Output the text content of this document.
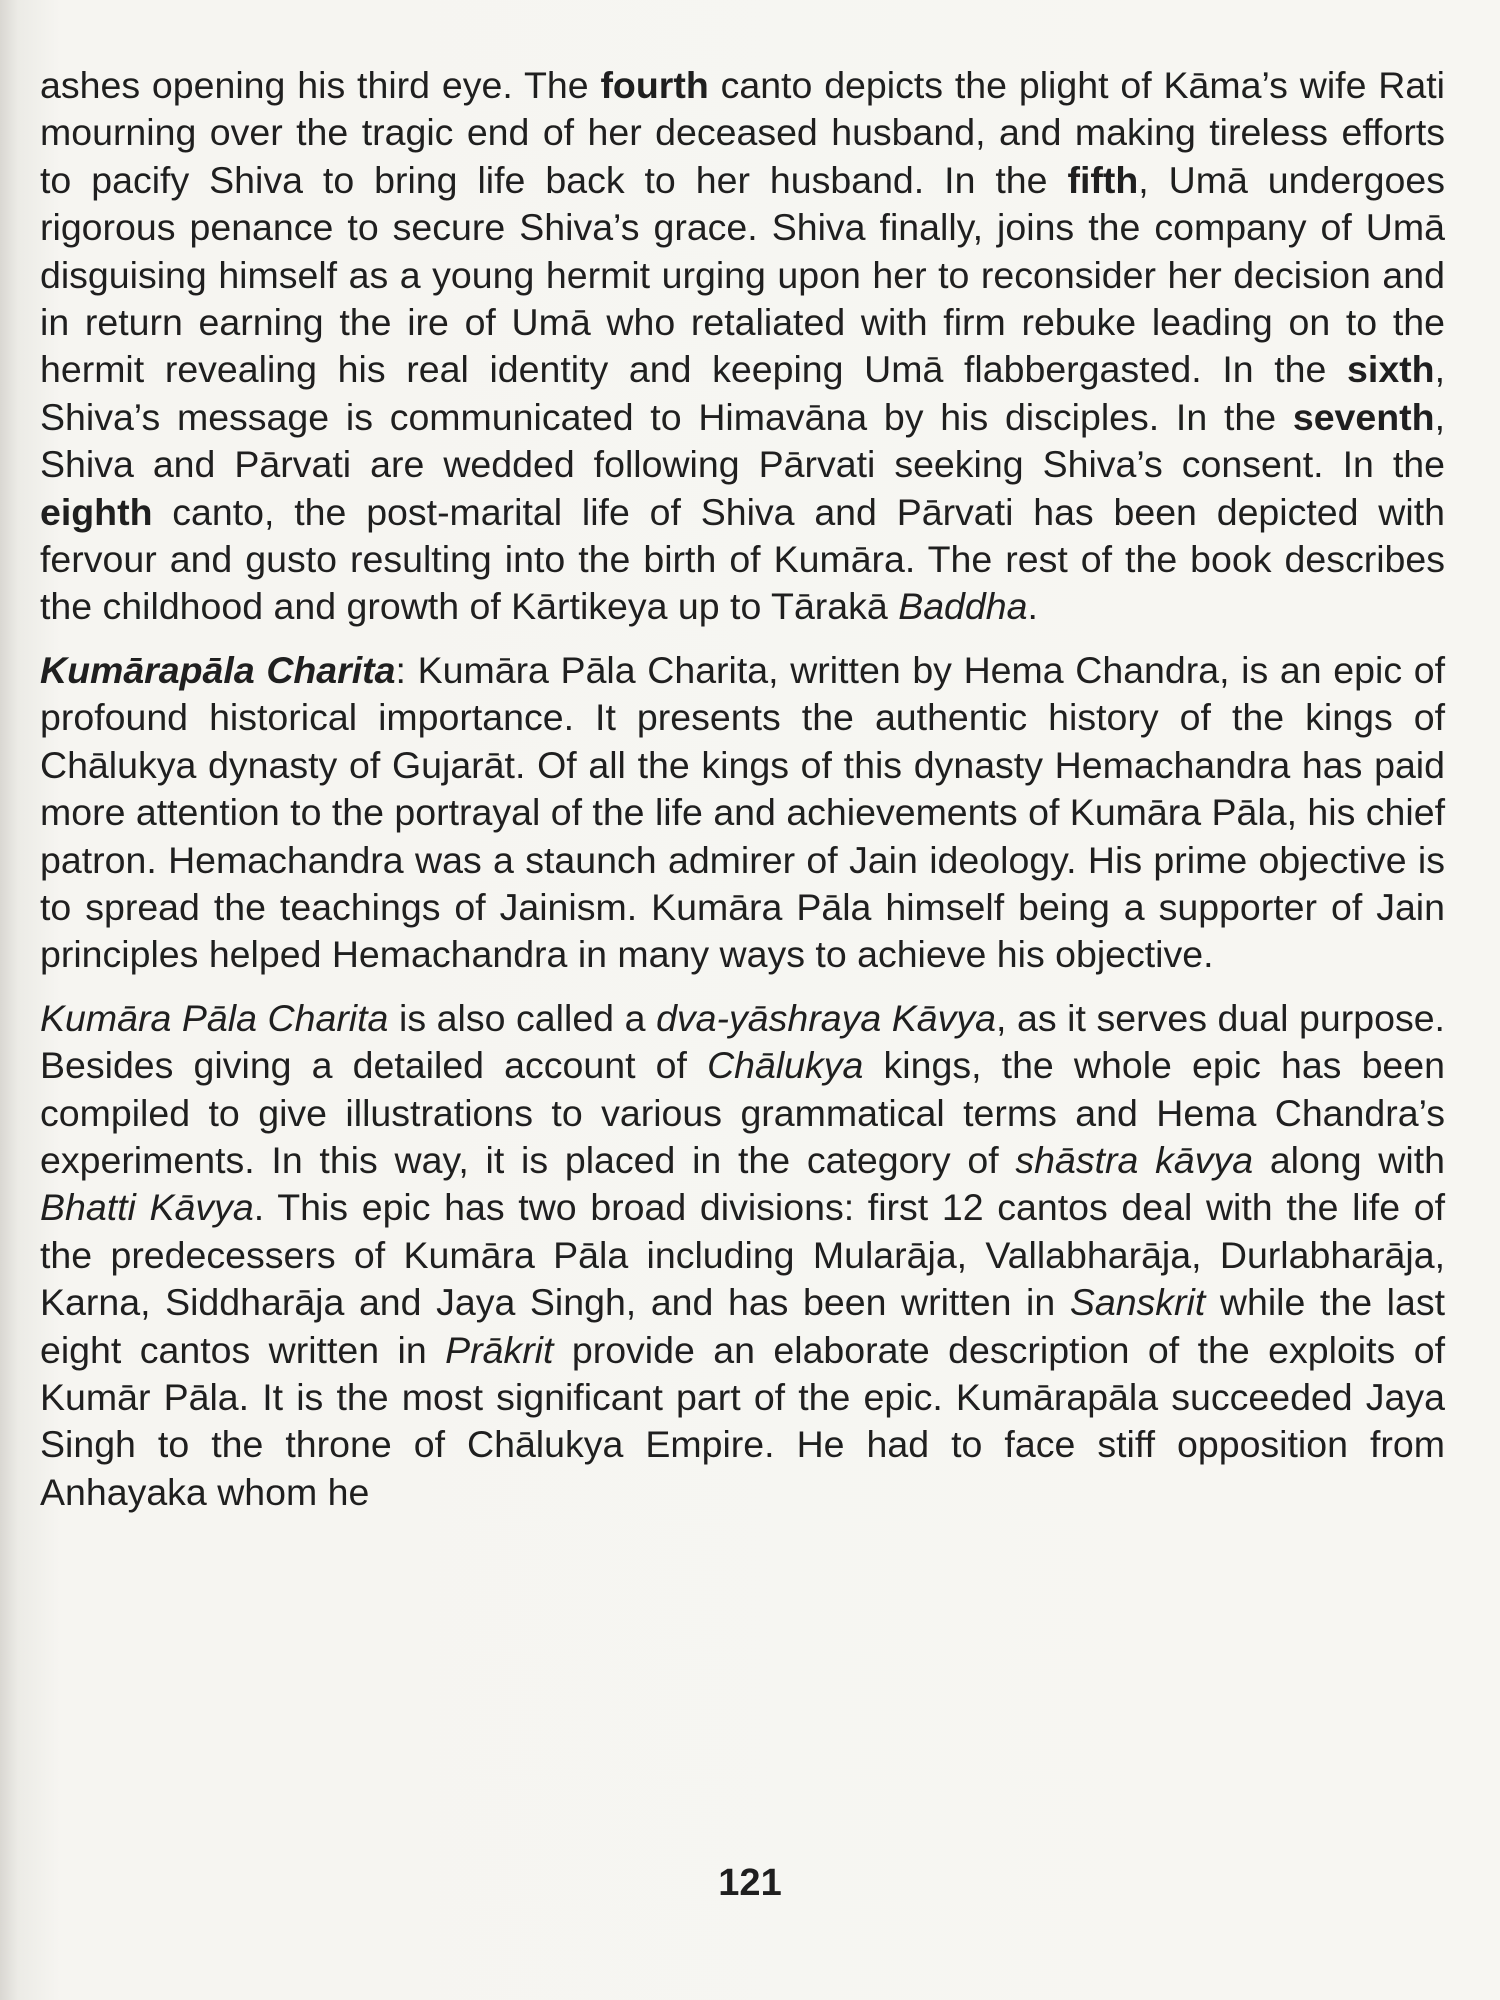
ashes opening his third eye. The fourth canto depicts the plight of Kāma’s wife Rati mourning over the tragic end of her deceased husband, and making tireless efforts to pacify Shiva to bring life back to her husband. In the fifth, Umā undergoes rigorous penance to secure Shiva’s grace. Shiva finally, joins the company of Umā disguising himself as a young hermit urging upon her to reconsider her decision and in return earning the ire of Umā who retaliated with firm rebuke leading on to the hermit revealing his real identity and keeping Umā flabbergasted. In the sixth, Shiva’s message is communicated to Himavāna by his disciples. In the seventh, Shiva and Pārvati are wedded following Pārvati seeking Shiva’s consent. In the eighth canto, the post-marital life of Shiva and Pārvati has been depicted with fervour and gusto resulting into the birth of Kumāra. The rest of the book describes the childhood and growth of Kārtikeya up to Tārakā Baddha.

Kumārapāla Charita: Kumāra Pāla Charita, written by Hema Chandra, is an epic of profound historical importance. It presents the authentic history of the kings of Chālukya dynasty of Gujarāt. Of all the kings of this dynasty Hemachandra has paid more attention to the portrayal of the life and achievements of Kumāra Pāla, his chief patron. Hemachandra was a staunch admirer of Jain ideology. His prime objective is to spread the teachings of Jainism. Kumāra Pāla himself being a supporter of Jain principles helped Hemachandra in many ways to achieve his objective.

Kumāra Pāla Charita is also called a dva-yāshraya Kāvya, as it serves dual purpose. Besides giving a detailed account of Chālukya kings, the whole epic has been compiled to give illustrations to various grammatical terms and Hema Chandra’s experiments. In this way, it is placed in the category of shāstra kāvya along with Bhatti Kāvya. This epic has two broad divisions: first 12 cantos deal with the life of the predecessers of Kumāra Pāla including Mularāja, Vallabharāja, Durlabharāja, Karna, Siddharāja and Jaya Singh, and has been written in Sanskrit while the last eight cantos written in Prākrit provide an elaborate description of the exploits of Kumār Pāla. It is the most significant part of the epic. Kumārapāla succeeded Jaya Singh to the throne of Chālukya Empire. He had to face stiff opposition from Anhayaka whom he

121
